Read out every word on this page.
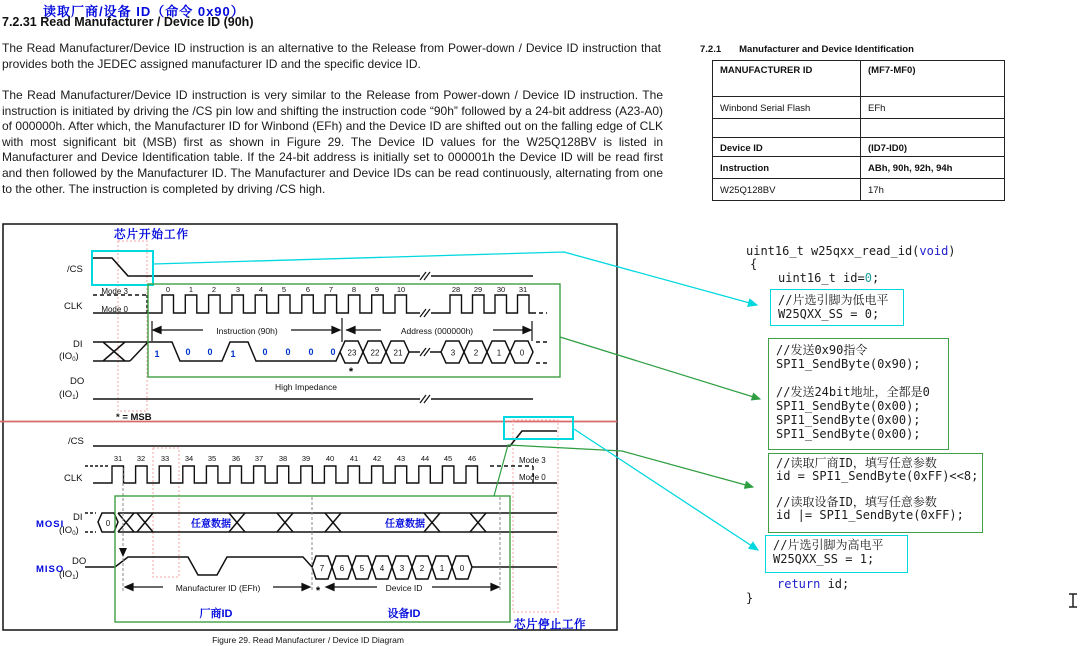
读取厂商/设备 ID（命令 0x90）
7.2.31 Read Manufacturer / Device ID (90h)
The Read Manufacturer/Device ID instruction is an alternative to the Release from Power-down / Device ID instruction that provides both the JEDEC assigned manufacturer ID and the specific device ID.
The Read Manufacturer/Device ID instruction is very similar to the Release from Power-down / Device ID instruction. The instruction is initiated by driving the /CS pin low and shifting the instruction code “90h” followed by a 24-bit address (A23-A0) of 000000h. After which, the Manufacturer ID for Winbond (EFh) and the Device ID are shifted out on the falling edge of CLK with most significant bit (MSB) first as shown in Figure 29. The Device ID values for the W25Q128BV is listed in Manufacturer and Device Identification table. If the 24-bit address is initially set to 000001h the Device ID will be read first and then followed by the Manufacturer ID. The Manufacturer and Device IDs can be read continuously, alternating from one to the other. The instruction is completed by driving /CS high.
7.2.1 Manufacturer and Device Identification
MANUFACTURER ID	(MF7-MF0)
Winbond Serial Flash	EFh
Device ID	(ID7-ID0)
Instruction	ABh, 90h, 92h, 94h
W25Q128BV	17h
芯片开始工作
/CS
CLK
DI
$(IO_0)$
DO
$(IO_1)$
Mode 3
Mode 0
0	1	2	3	4	5	6	7	8	9 10	28 29 30 31
Instruction (90h)	Address (000000h)
1	0 0 1	0 0 0 0 23 22 21	3 2 1 0
*
High Impedance
* = MSB
/CS
CLK
MOSI
DI
$(IO_0)$
MISO
DO
$(IO_1)$
31 32 33 34 35 36 37 38 39 40 41 42 43 44 45 46	Mode 3
Mode 0
0	任意数据	任意数据
7 6 5 4 3 2 1 0
Manufacturer ID (EFh)	Device ID
*
厂商ID	设备ID
芯片停止工作
Figure 29. Read Manufacturer / Device ID Diagram
uint16_t w25qxx_read_id(void)
{
uint16_t id=0;
//片选引脚为低电平
W25QXX_SS = 0;
//发送0x90指令
SPI1_SendByte(0x90);
//发送24bit地址，全都是0
SPI1_SendByte(0x00);
SPI1_SendByte(0x00);
SPI1_SendByte(0x00);
//读取厂商ID，填写任意参数
id = SPI1_SendByte(0xFF)<<8;
//读取设备ID，填写任意参数
id |= SPI1_SendByte(0xFF);
//片选引脚为高电平
W25QXX_SS = 1;
return id;
}
